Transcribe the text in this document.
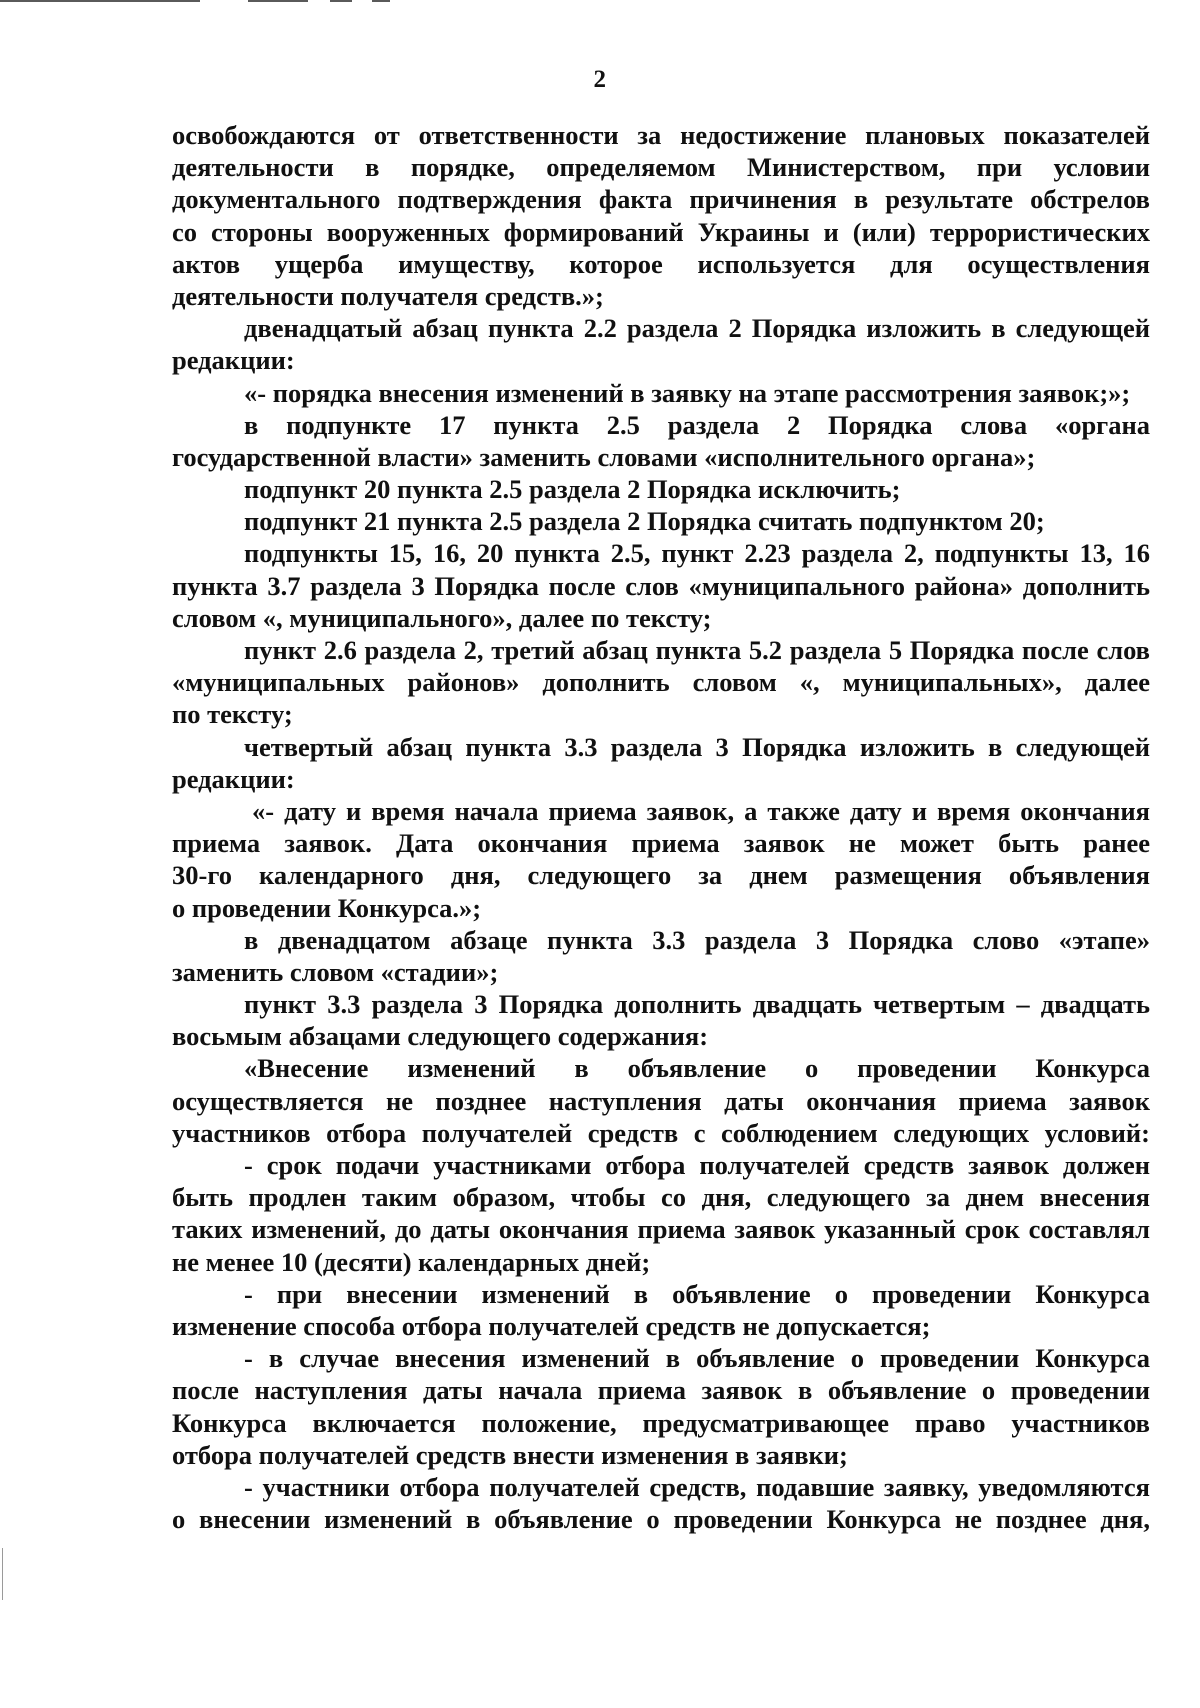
2
освобождаются от ответственности за недостижение плановых показателей
деятельности в порядке, определяемом Министерством, при условии
документального подтверждения факта причинения в результате обстрелов
со стороны вооруженных формирований Украины и (или) террористических
актов ущерба имуществу, которое используется для осуществления
деятельности получателя средств.»;
двенадцатый абзац пункта 2.2 раздела 2 Порядка изложить в следующей
редакции:
«- порядка внесения изменений в заявку на этапе рассмотрения заявок;»;
в подпункте 17 пункта 2.5 раздела 2 Порядка слова «органа
государственной власти» заменить словами «исполнительного органа»;
подпункт 20 пункта 2.5 раздела 2 Порядка исключить;
подпункт 21 пункта 2.5 раздела 2 Порядка считать подпунктом 20;
подпункты 15, 16, 20 пункта 2.5, пункт 2.23 раздела 2, подпункты 13, 16
пункта 3.7 раздела 3 Порядка после слов «муниципального района» дополнить
словом «, муниципального», далее по тексту;
пункт 2.6 раздела 2, третий абзац пункта 5.2 раздела 5 Порядка после слов
«муниципальных районов» дополнить словом «, муниципальных», далее
по тексту;
четвертый абзац пункта 3.3 раздела 3 Порядка изложить в следующей
редакции:
«- дату и время начала приема заявок, а также дату и время окончания
приема заявок. Дата окончания приема заявок не может быть ранее
30-го календарного дня, следующего за днем размещения объявления
о проведении Конкурса.»;
в двенадцатом абзаце пункта 3.3 раздела 3 Порядка слово «этапе»
заменить словом «стадии»;
пункт 3.3 раздела 3 Порядка дополнить двадцать четвертым – двадцать
восьмым абзацами следующего содержания:
«Внесение изменений в объявление о проведении Конкурса
осуществляется не позднее наступления даты окончания приема заявок
участников отбора получателей средств с соблюдением следующих условий:
- срок подачи участниками отбора получателей средств заявок должен
быть продлен таким образом, чтобы со дня, следующего за днем внесения
таких изменений, до даты окончания приема заявок указанный срок составлял
не менее 10 (десяти) календарных дней;
- при внесении изменений в объявление о проведении Конкурса
изменение способа отбора получателей средств не допускается;
- в случае внесения изменений в объявление о проведении Конкурса
после наступления даты начала приема заявок в объявление о проведении
Конкурса включается положение, предусматривающее право участников
отбора получателей средств внести изменения в заявки;
- участники отбора получателей средств, подавшие заявку, уведомляются
о внесении изменений в объявление о проведении Конкурса не позднее дня,
